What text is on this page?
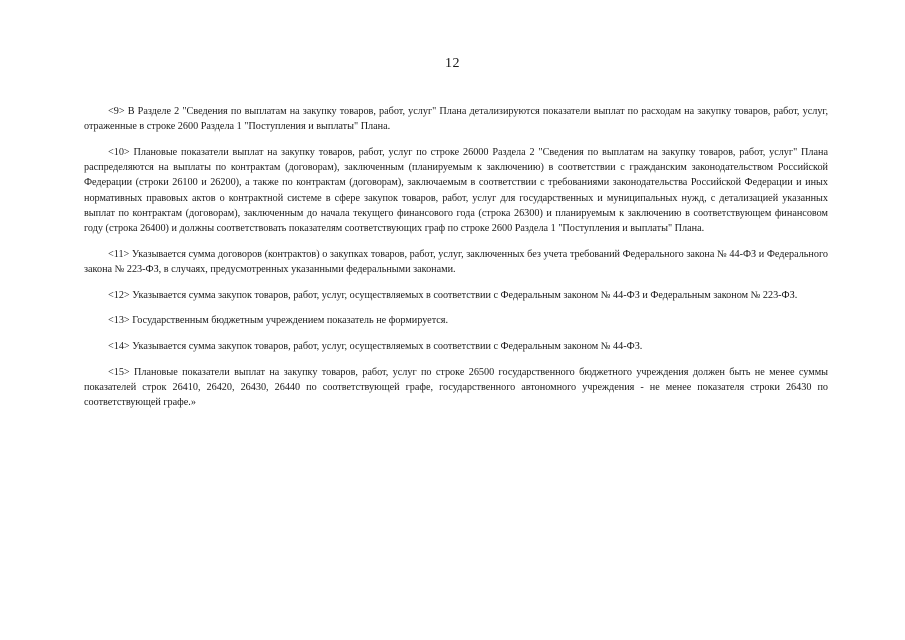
12

<9> В Разделе 2 "Сведения по выплатам на закупку товаров, работ, услуг" Плана детализируются показатели выплат по расходам на закупку товаров, работ, услуг, отраженные в строке 2600 Раздела 1 "Поступления и выплаты" Плана.

<10> Плановые показатели выплат на закупку товаров, работ, услуг по строке 26000 Раздела 2 "Сведения по выплатам на закупку товаров, работ, услуг" Плана распределяются на выплаты по контрактам (договорам), заключенным (планируемым к заключению) в соответствии с гражданским законодательством Российской Федерации (строки 26100 и 26200), а также по контрактам (договорам), заключаемым в соответствии с требованиями законодательства Российской Федерации и иных нормативных правовых актов о контрактной системе в сфере закупок товаров, работ, услуг для государственных и муниципальных нужд, с детализацией указанных выплат по контрактам (договорам), заключенным до начала текущего финансового года (строка 26300) и планируемым к заключению в соответствующем финансовом году (строка 26400) и должны соответствовать показателям соответствующих граф по строке 2600 Раздела 1 "Поступления и выплаты" Плана.

<11> Указывается сумма договоров (контрактов) о закупках товаров, работ, услуг, заключенных без учета требований Федерального закона № 44-ФЗ и Федерального закона № 223-ФЗ, в случаях, предусмотренных указанными федеральными законами.

<12> Указывается сумма закупок товаров, работ, услуг, осуществляемых в соответствии с Федеральным законом № 44-ФЗ и Федеральным законом № 223-ФЗ.

<13> Государственным бюджетным учреждением показатель не формируется.

<14> Указывается сумма закупок товаров, работ, услуг, осуществляемых в соответствии с Федеральным законом № 44-ФЗ.

<15> Плановые показатели выплат на закупку товаров, работ, услуг по строке 26500 государственного бюджетного учреждения должен быть не менее суммы показателей строк 26410, 26420, 26430, 26440 по соответствующей графе, государственного автономного учреждения - не менее показателя строки 26430 по соответствующей графе.»
